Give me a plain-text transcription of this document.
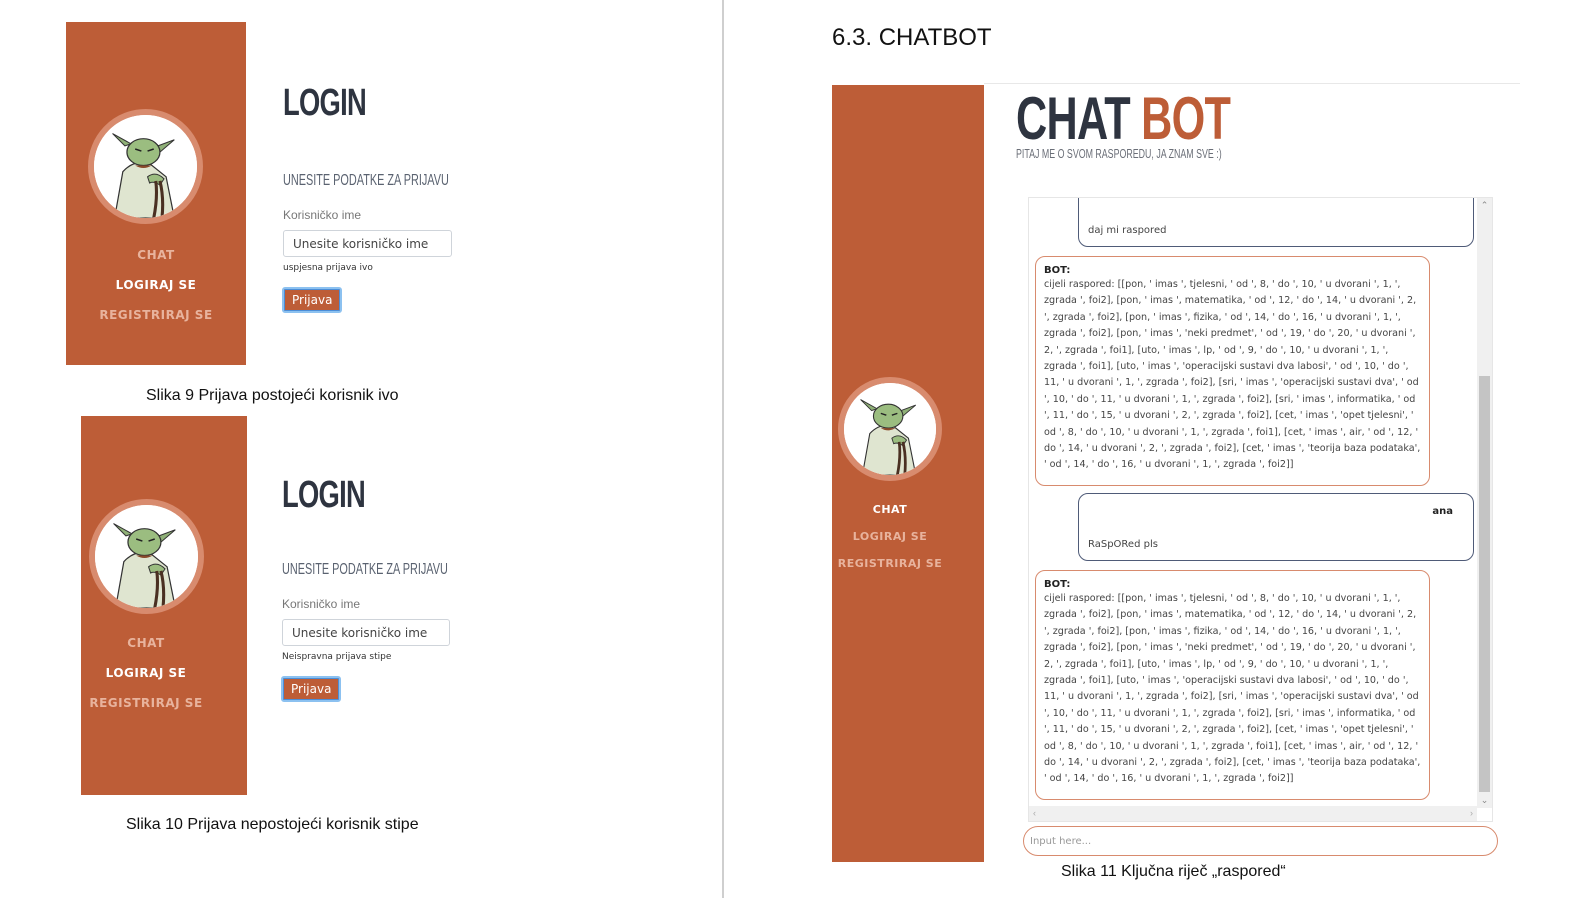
CHAT
LOGIRAJ SE
REGISTRIRAJ SE
LOGIN
UNESITE PODATKE ZA PRIJAVU
Korisničko ime
Unesite korisničko ime
uspjesna prijava ivo
Prijava
Slika 9 Prijava postojeći korisnik ivo
CHAT
LOGIRAJ SE
REGISTRIRAJ SE
LOGIN
UNESITE PODATKE ZA PRIJAVU
Korisničko ime
Unesite korisničko ime
Neispravna prijava stipe
Prijava
Slika 10 Prijava nepostojeći korisnik stipe
6.3. CHATBOT
CHAT
LOGIRAJ SE
REGISTRIRAJ SE
CHAT BOT
PITAJ ME O SVOM RASPOREDU, JA ZNAM SVE :)
daj mi raspored
BOT:
cijeli raspored: [[pon, ' imas ', tjelesni, ' od ', 8, ' do ', 10, ' u dvorani ', 1, ', zgrada ', foi2], [pon, ' imas ', matematika, ' od ', 12, ' do ', 14, ' u dvorani ', 2, ', zgrada ', foi2], [pon, ' imas ', fizika, ' od ', 14, ' do ', 16, ' u dvorani ', 1, ', zgrada ', foi2], [pon, ' imas ', 'neki predmet', ' od ', 19, ' do ', 20, ' u dvorani ', 2, ', zgrada ', foi1], [uto, ' imas ', lp, ' od ', 9, ' do ', 10, ' u dvorani ', 1, ', zgrada ', foi1], [uto, ' imas ', 'operacijski sustavi dva labosi', ' od ', 10, ' do ', 11, ' u dvorani ', 1, ', zgrada ', foi2], [sri, ' imas ', 'operacijski sustavi dva', ' od ', 10, ' do ', 11, ' u dvorani ', 1, ', zgrada ', foi2], [sri, ' imas ', informatika, ' od ', 11, ' do ', 15, ' u dvorani ', 2, ', zgrada ', foi2], [cet, ' imas ', 'opet tjelesni', ' od ', 8, ' do ', 10, ' u dvorani ', 1, ', zgrada ', foi1], [cet, ' imas ', air, ' od ', 12, ' do ', 14, ' u dvorani ', 2, ', zgrada ', foi2], [cet, ' imas ', 'teorija baza podataka', ' od ', 14, ' do ', 16, ' u dvorani ', 1, ', zgrada ', foi2]]
ana
RaSpORed pls
BOT:
cijeli raspored: [[pon, ' imas ', tjelesni, ' od ', 8, ' do ', 10, ' u dvorani ', 1, ', zgrada ', foi2], [pon, ' imas ', matematika, ' od ', 12, ' do ', 14, ' u dvorani ', 2, ', zgrada ', foi2], [pon, ' imas ', fizika, ' od ', 14, ' do ', 16, ' u dvorani ', 1, ', zgrada ', foi2], [pon, ' imas ', 'neki predmet', ' od ', 19, ' do ', 20, ' u dvorani ', 2, ', zgrada ', foi1], [uto, ' imas ', lp, ' od ', 9, ' do ', 10, ' u dvorani ', 1, ', zgrada ', foi1], [uto, ' imas ', 'operacijski sustavi dva labosi', ' od ', 10, ' do ', 11, ' u dvorani ', 1, ', zgrada ', foi2], [sri, ' imas ', 'operacijski sustavi dva', ' od ', 10, ' do ', 11, ' u dvorani ', 1, ', zgrada ', foi2], [sri, ' imas ', informatika, ' od ', 11, ' do ', 15, ' u dvorani ', 2, ', zgrada ', foi2], [cet, ' imas ', 'opet tjelesni', ' od ', 8, ' do ', 10, ' u dvorani ', 1, ', zgrada ', foi1], [cet, ' imas ', air, ' od ', 12, ' do ', 14, ' u dvorani ', 2, ', zgrada ', foi2], [cet, ' imas ', 'teorija baza podataka', ' od ', 14, ' do ', 16, ' u dvorani ', 1, ', zgrada ', foi2]]
⌃
⌄
‹	›
Input here...
Slika 11 Ključna riječ „raspored“
